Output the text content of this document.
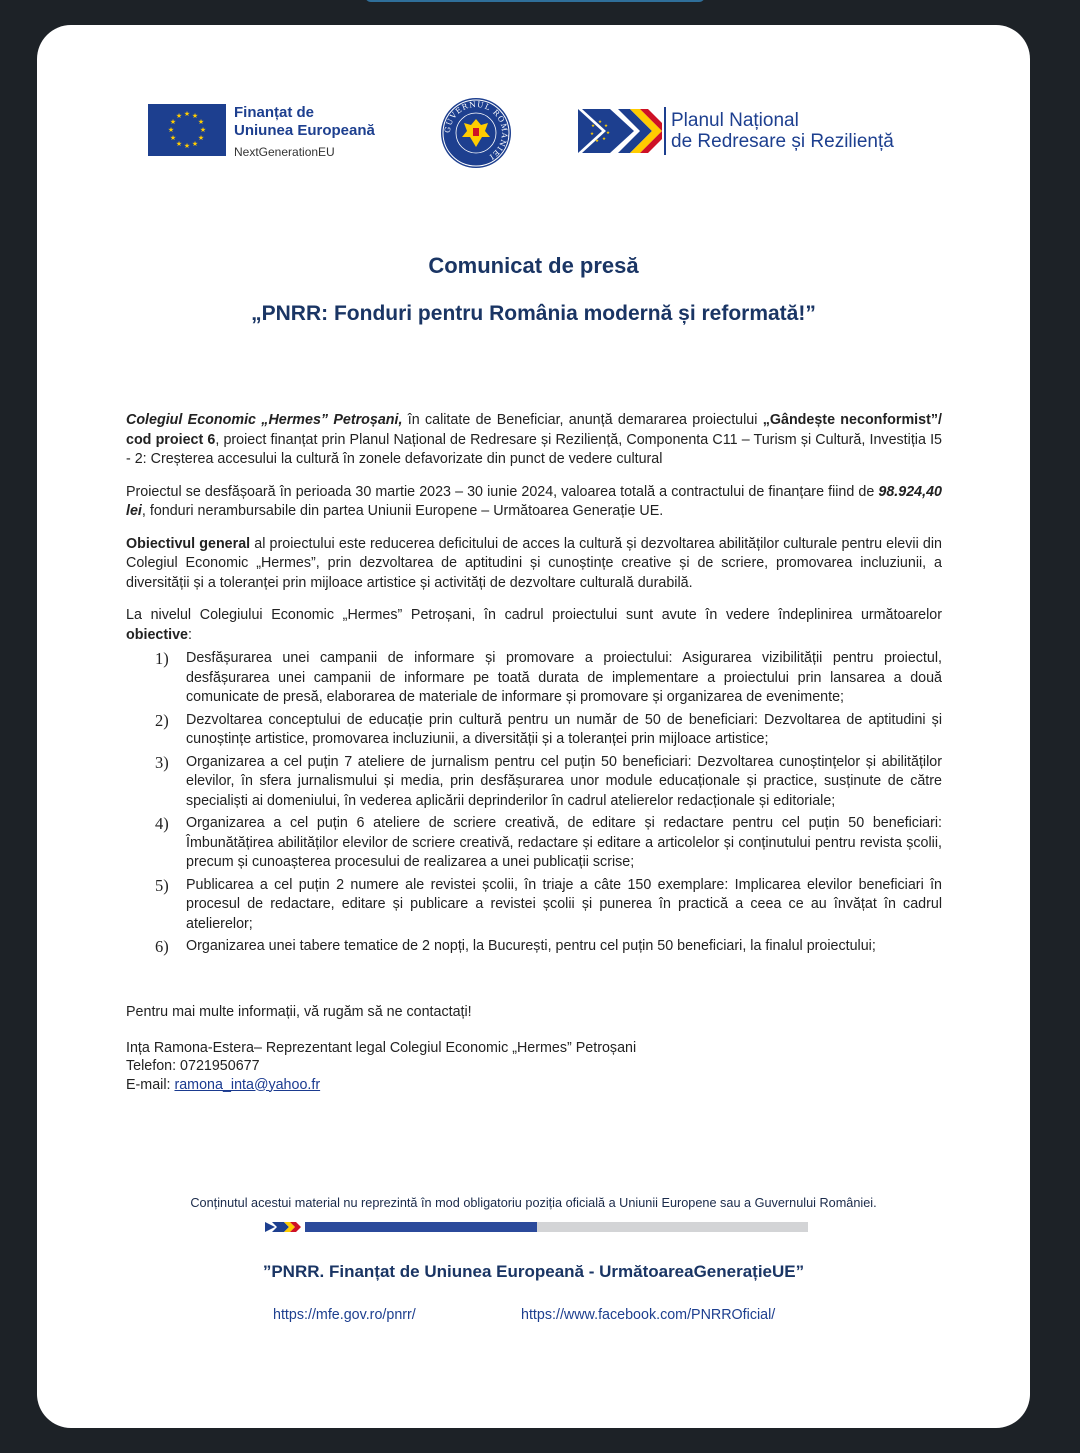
★ ★
★
★
★
★
★
★
★
★
★
★	Finanțat de
Uniunea Europeană
NextGenerationEU
GUVERNUL ROMÂNIEI
★
★
★
★
★
★
★	Planul Național
de Redresare și Reziliență
Comunicat de presă
„PNRR: Fonduri pentru România modernă și reformată!”

Colegiul Economic „Hermes” Petroșani, în calitate de Beneficiar, anunță demararea proiectului „Gândește neconformist”/ cod proiect 6, proiect finanțat prin Planul Național de Redresare și Reziliență, Componenta C11 – Turism și Cultură, Investiția I5 - 2: Creșterea accesului la cultură în zonele defavorizate din punct de vedere cultural

Proiectul se desfășoară în perioada 30 martie 2023 – 30 iunie 2024, valoarea totală a contractului de finanțare fiind de 98.924,40 lei, fonduri nerambursabile din partea Uniunii Europene – Următoarea Generație UE.

Obiectivul general al proiectului este reducerea deficitului de acces la cultură și dezvoltarea abilităților culturale pentru elevii din Colegiul Economic „Hermes”, prin dezvoltarea de aptitudini și cunoștințe creative și de scriere, promovarea incluziunii, a diversității și a toleranței prin mijloace artistice și activități de dezvoltare culturală durabilă.

La nivelul Colegiului Economic „Hermes” Petroșani, în cadrul proiectului sunt avute în vedere îndeplinirea următoarelor obiective:

1) Desfășurarea unei campanii de informare și promovare a proiectului: Asigurarea vizibilității pentru proiectul, desfășurarea unei campanii de informare pe toată durata de implementare a proiectului prin lansarea a două comunicate de presă, elaborarea de materiale de informare și promovare și organizarea de evenimente;
2) Dezvoltarea conceptului de educație prin cultură pentru un număr de 50 de beneficiari: Dezvoltarea de aptitudini și cunoștințe artistice, promovarea incluziunii, a diversității și a toleranței prin mijloace artistice;
3) Organizarea a cel puțin 7 ateliere de jurnalism pentru cel puțin 50 beneficiari: Dezvoltarea cunoștințelor și abilităților elevilor, în sfera jurnalismului și media, prin desfășurarea unor module educaționale și practice, susținute de către specialiști ai domeniului, în vederea aplicării deprinderilor în cadrul atelierelor redacționale și editoriale;
4) Organizarea a cel puțin 6 ateliere de scriere creativă, de editare și redactare pentru cel puțin 50 beneficiari: Îmbunătățirea abilităților elevilor de scriere creativă, redactare și editare a articolelor și conținutului pentru revista școlii, precum și cunoașterea procesului de realizarea a unei publicații scrise;
5) Publicarea a cel puțin 2 numere ale revistei școlii, în triaje a câte 150 exemplare: Implicarea elevilor beneficiari în procesul de redactare, editare și publicare a revistei școlii și punerea în practică a ceea ce au învățat în cadrul atelierelor;
6) Organizarea unei tabere tematice de 2 nopți, la București, pentru cel puțin 50 beneficiari, la finalul proiectului;
Pentru mai multe informații, vă rugăm să ne contactați!
Ința Ramona-Estera– Reprezentant legal Colegiul Economic „Hermes” Petroșani
Telefon: 0721950677
E-mail: ramona_inta@yahoo.fr
Conținutul acestui material nu reprezintă în mod obligatoriu poziția oficială a Uniunii Europene sau a Guvernului României.
”PNRR. Finanțat de Uniunea Europeană - UrmătoareaGenerațieUE”
https://mfe.gov.ro/pnrr/	https://www.facebook.com/PNRROficial/
